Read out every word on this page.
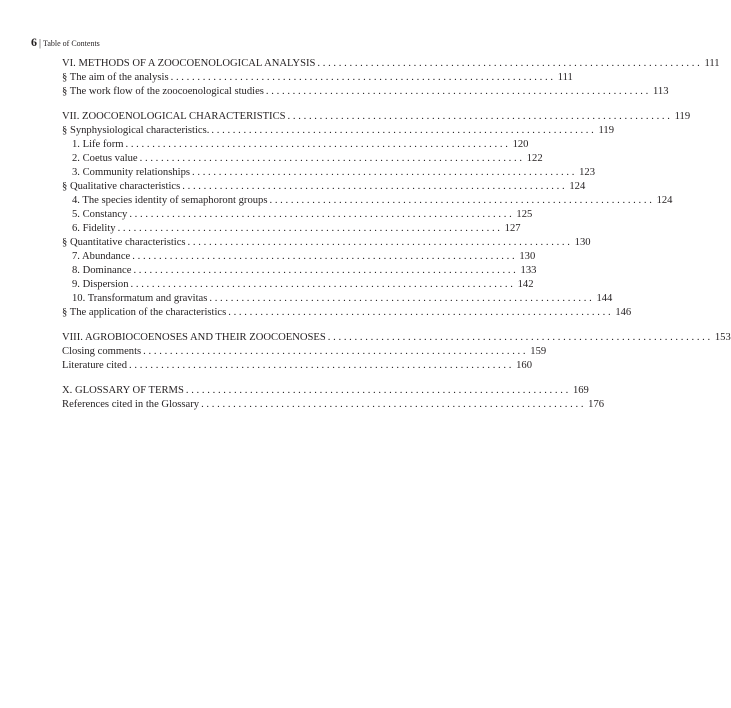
6 | Table of Contents
VI. METHODS OF A ZOOCOENOLOGICAL ANALYSIS ........................................................................ 111
§ The aim of the analysis ........................................................................ 111
§ The work flow of the zoocoenological studies ........................................................................ 113
VII. ZOOCOENOLOGICAL CHARACTERISTICS ........................................................................ 119
§ Synphysiological characteristics. ........................................................................ 119
1. Life form ........................................................................ 120
2. Coetus value ........................................................................ 122
3. Community relationships ........................................................................ 123
§ Qualitative characteristics ........................................................................ 124
4. The species identity of semaphoront groups ........................................................................ 124
5. Constancy ........................................................................ 125
6. Fidelity ........................................................................ 127
§ Quantitative characteristics ........................................................................ 130
7. Abundance ........................................................................ 130
8. Dominance ........................................................................ 133
9. Dispersion ........................................................................ 142
10. Transformatum and gravitas ........................................................................ 144
§ The application of the characteristics ........................................................................ 146
VIII. AGROBIOCOENOSES AND THEIR ZOOCOENOSES ........................................................................ 153
Closing comments ........................................................................ 159
Literature cited ........................................................................ 160
X. GLOSSARY OF TERMS ........................................................................ 169
References cited in the Glossary ........................................................................ 176
